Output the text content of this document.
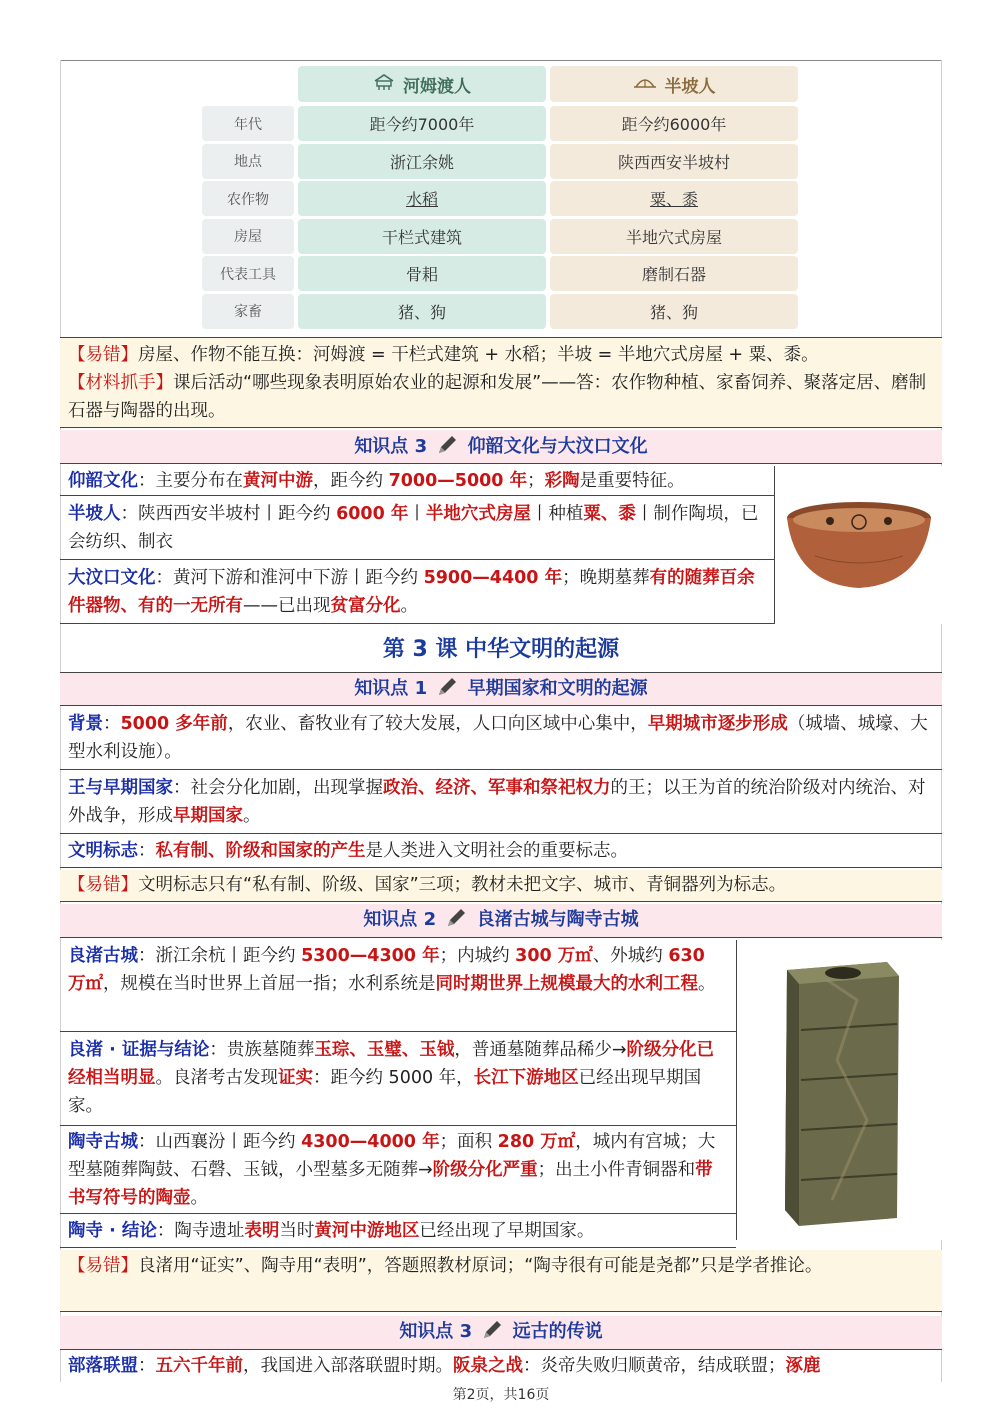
河姆渡人	半坡人
年代	距今约7000年	距今约6000年
地点	浙江余姚	陕西西安半坡村
农作物	水稻	粟、黍
房屋	干栏式建筑	半地穴式房屋
代表工具	骨耜	磨制石器
家畜	猪、狗	猪、狗
【易错】房屋、作物不能互换：河姆渡 = 干栏式建筑 + 水稻；半坡 = 半地穴式房屋 + 粟、黍。
【材料抓手】课后活动“哪些现象表明原始农业的起源和发展”——答：农作物种植、家畜饲养、聚落定居、磨制石器与陶器的出现。
知识点 3 仰韶文化与大汶口文化
仰韶文化：主要分布在黄河中游，距今约 7000—5000 年；彩陶是重要特征。
半坡人：陕西西安半坡村丨距今约 6000 年丨半地穴式房屋丨种植粟、黍丨制作陶埙，已会纺织、制衣
大汶口文化：黄河下游和淮河中下游丨距今约 5900—4400 年；晚期墓葬有的随葬百余件器物、有的一无所有——已出现贫富分化。
第 3 课 中华文明的起源
知识点 1 早期国家和文明的起源
背景：5000 多年前，农业、畜牧业有了较大发展，人口向区域中心集中，早期城市逐步形成（城墙、城壕、大型水利设施）。
王与早期国家：社会分化加剧，出现掌握政治、经济、军事和祭祀权力的王；以王为首的统治阶级对内统治、对外战争，形成早期国家。
文明标志：私有制、阶级和国家的产生是人类进入文明社会的重要标志。
【易错】文明标志只有“私有制、阶级、国家”三项；教材未把文字、城市、青铜器列为标志。
知识点 2 良渚古城与陶寺古城
良渚古城：浙江余杭丨距今约 5300—4300 年；内城约 300 万㎡、外城约 630 万㎡，规模在当时世界上首屈一指；水利系统是同时期世界上规模最大的水利工程。
良渚 · 证据与结论：贵族墓随葬玉琮、玉璧、玉钺，普通墓随葬品稀少→阶级分化已经相当明显。良渚考古发现证实：距今约 5000 年，长江下游地区已经出现早期国家。
陶寺古城：山西襄汾丨距今约 4300—4000 年；面积 280 万㎡，城内有宫城；大型墓随葬陶鼓、石磬、玉钺，小型墓多无随葬→阶级分化严重；出土小件青铜器和带书写符号的陶壶。
陶寺 · 结论：陶寺遗址表明当时黄河中游地区已经出现了早期国家。
【易错】良渚用“证实”、陶寺用“表明”，答题照教材原词；“陶寺很有可能是尧都”只是学者推论。
知识点 3 远古的传说
部落联盟：五六千年前，我国进入部落联盟时期。阪泉之战：炎帝失败归顺黄帝，结成联盟；涿鹿
第2页，共16页
